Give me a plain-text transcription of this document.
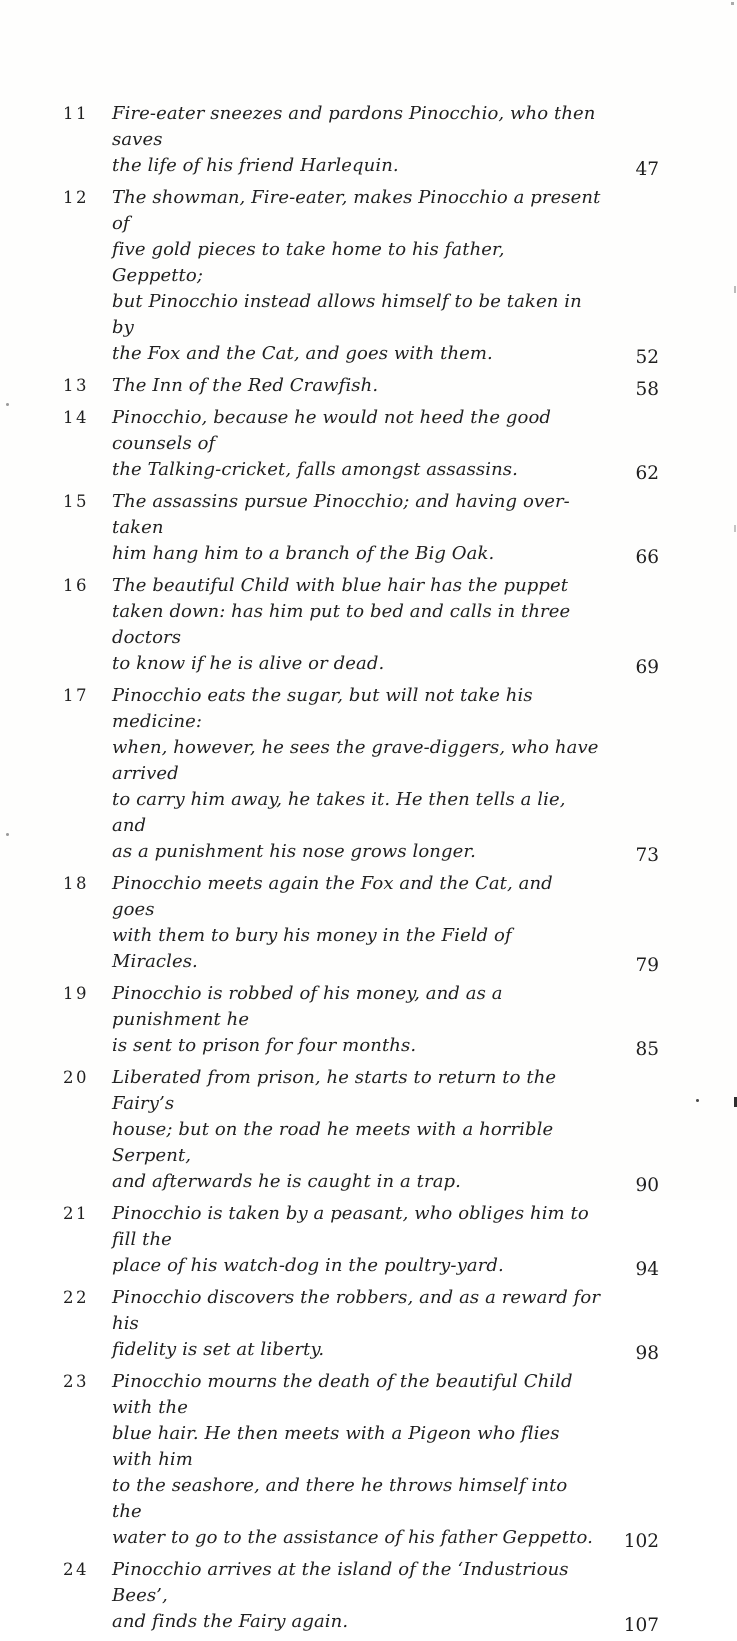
11	Fire-eater sneezes and pardons Pinocchio, who then saves
the life of his friend Harlequin.	47
12	The showman, Fire-eater, makes Pinocchio a present of
five gold pieces to take home to his father, Geppetto;
but Pinocchio instead allows himself to be taken in by
the Fox and the Cat, and goes with them.	52
13	The Inn of the Red Crawfish.	58
14	Pinocchio, because he would not heed the good counsels of
the Talking-cricket, falls amongst assassins.	62
15	The assassins pursue Pinocchio; and having over- taken
him hang him to a branch of the Big Oak.	66
16	The beautiful Child with blue hair has the puppet
taken down: has him put to bed and calls in three doctors
to know if he is alive or dead.	69
17	Pinocchio eats the sugar, but will not take his medicine:
when, however, he sees the grave-diggers, who have arrived
to carry him away, he takes it. He then tells a lie, and
as a punishment his nose grows longer.	73
18	Pinocchio meets again the Fox and the Cat, and goes
with them to bury his money in the Field of Miracles.	79
19	Pinocchio is robbed of his money, and as a punishment he
is sent to prison for four months.	85
20	Liberated from prison, he starts to return to the Fairy’s
house; but on the road he meets with a horrible Serpent,
and afterwards he is caught in a trap.	90
21	Pinocchio is taken by a peasant, who obliges him to fill the
place of his watch-dog in the poultry-yard.	94
22	Pinocchio discovers the robbers, and as a reward for his
fidelity is set at liberty.	98
23	Pinocchio mourns the death of the beautiful Child with the
blue hair. He then meets with a Pigeon who flies with him
to the seashore, and there he throws himself into the
water to go to the assistance of his father Geppetto.	102
24	Pinocchio arrives at the island of the ‘Industrious Bees’,
and finds the Fairy again.	107
